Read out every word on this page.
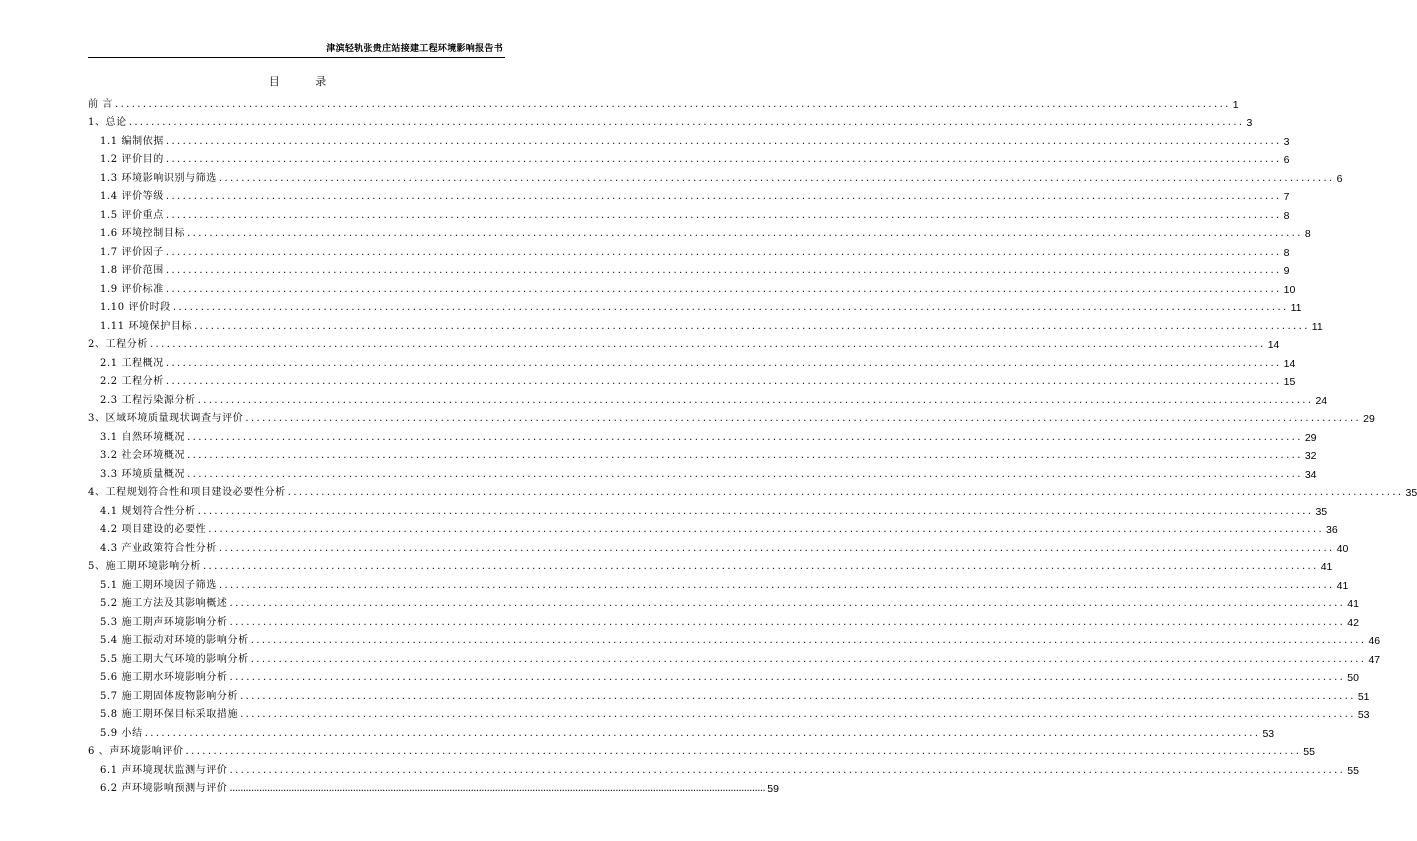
津滨轻轨张贵庄站接建工程环境影响报告书
目 录
前 言 ........................................................................................................................................................................................................ 1
1、总论 ........................................................................................................................................................................................................ 3
1.1 编制依据 ........................................................................................................................................................................................................ 3
1.2 评价目的 ........................................................................................................................................................................................................ 6
1.3 环境影响识别与筛选 ........................................................................................................................................................................................................ 6
1.4 评价等级 ........................................................................................................................................................................................................ 7
1.5 评价重点 ........................................................................................................................................................................................................ 8
1.6 环境控制目标 ........................................................................................................................................................................................................ 8
1.7 评价因子 ........................................................................................................................................................................................................ 8
1.8 评价范围 ........................................................................................................................................................................................................ 9
1.9 评价标准 ........................................................................................................................................................................................................ 10
1.10 评价时段 ........................................................................................................................................................................................................ 11
1.11 环境保护目标 ........................................................................................................................................................................................................ 11
2、工程分析 ........................................................................................................................................................................................................ 14
2.1 工程概况 ........................................................................................................................................................................................................ 14
2.2 工程分析 ........................................................................................................................................................................................................ 15
2.3 工程污染源分析 ........................................................................................................................................................................................................ 24
3、区域环境质量现状调查与评价 ........................................................................................................................................................................................................ 29
3.1 自然环境概况 ........................................................................................................................................................................................................ 29
3.2 社会环境概况 ........................................................................................................................................................................................................ 32
3.3 环境质量概况 ........................................................................................................................................................................................................ 34
4、工程规划符合性和项目建设必要性分析 ........................................................................................................................................................................................................ 35
4.1 规划符合性分析 ........................................................................................................................................................................................................ 35
4.2 项目建设的必要性 ........................................................................................................................................................................................................ 36
4.3 产业政策符合性分析 ........................................................................................................................................................................................................ 40
5、施工期环境影响分析 ........................................................................................................................................................................................................ 41
5.1 施工期环境因子筛选 ........................................................................................................................................................................................................ 41
5.2 施工方法及其影响概述 ........................................................................................................................................................................................................ 41
5.3 施工期声环境影响分析 ........................................................................................................................................................................................................ 42
5.4 施工振动对环境的影响分析 ........................................................................................................................................................................................................ 46
5.5 施工期大气环境的影响分析 ........................................................................................................................................................................................................ 47
5.6 施工期水环境影响分析 ........................................................................................................................................................................................................ 50
5.7 施工期固体废物影响分析 ........................................................................................................................................................................................................ 51
5.8 施工期环保目标采取措施 ........................................................................................................................................................................................................ 53
5.9 小结 ........................................................................................................................................................................................................ 53
6 、声环境影响评价 ........................................................................................................................................................................................................ 55
6.1 声环境现状监测与评价 ........................................................................................................................................................................................................ 55
6.2 声环境影响预测与评价 ........................................................................................................................................................................................................ 59
